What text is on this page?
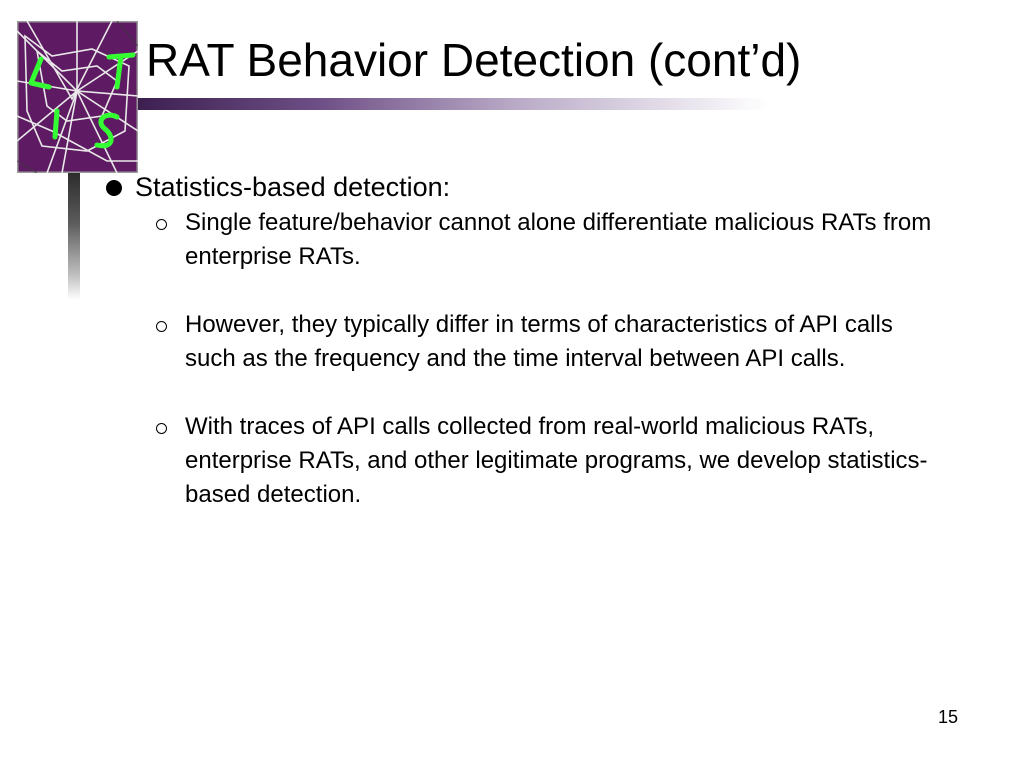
RAT Behavior Detection (cont’d)
Statistics-based detection:
Single feature/behavior cannot alone differentiate malicious RATs from enterprise RATs.
However, they typically differ in terms of characteristics of API calls such as the frequency and the time interval between API calls.
With traces of API calls collected from real-world malicious RATs, enterprise RATs, and other legitimate programs, we develop statistics-based detection.
15
